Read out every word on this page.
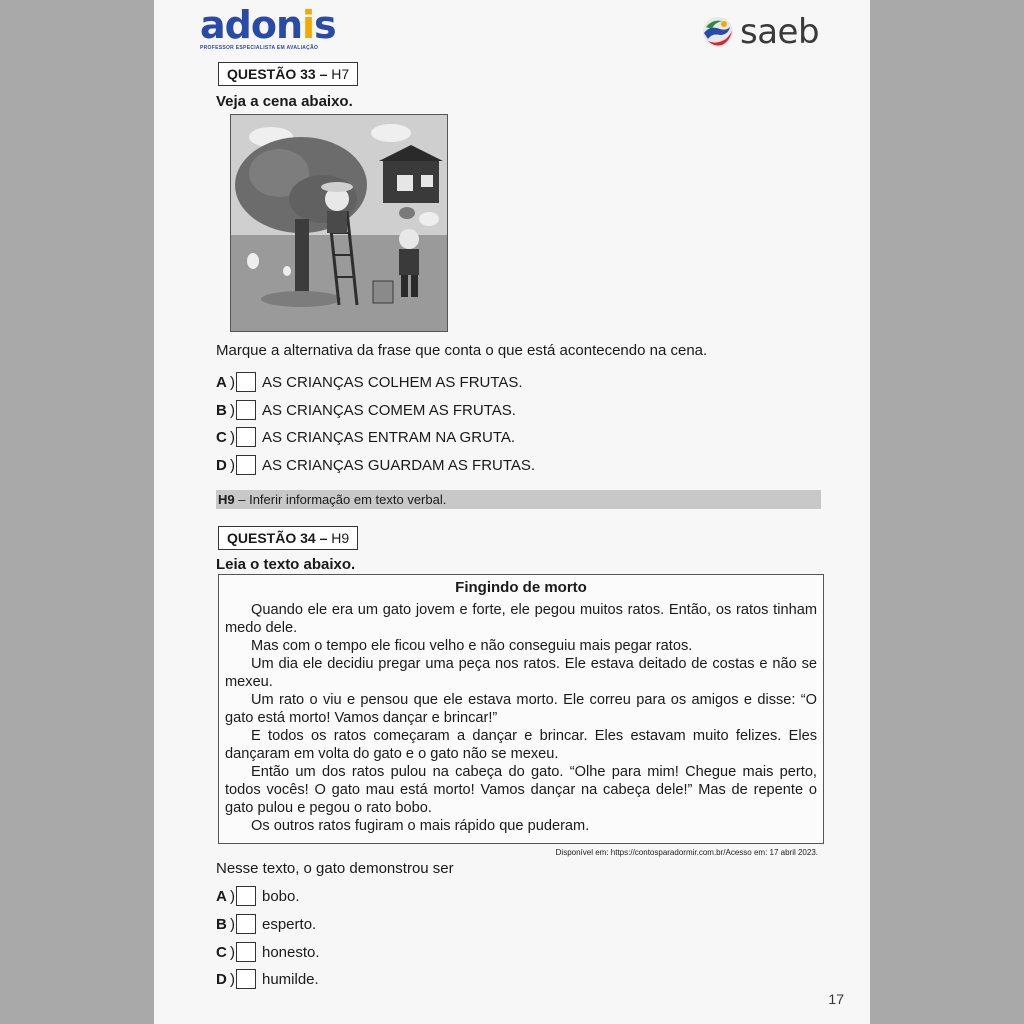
adonis
PROFESSOR ESPECIALISTA EM AVALIAÇÃO	saeb
QUESTÃO 33 – H7
Veja a cena abaixo.
Marque a alternativa da frase que conta o que está acontecendo na cena.
A ) AS CRIANÇAS COLHEM AS FRUTAS.
B ) AS CRIANÇAS COMEM AS FRUTAS.
C ) AS CRIANÇAS ENTRAM NA GRUTA.
D ) AS CRIANÇAS GUARDAM AS FRUTAS.
H9 – Inferir informação em texto verbal.
QUESTÃO 34 – H9
Leia o texto abaixo.
Fingindo de morto

Quando ele era um gato jovem e forte, ele pegou muitos ratos. Então, os ratos tinham medo dele.

Mas com o tempo ele ficou velho e não conseguiu mais pegar ratos.

Um dia ele decidiu pregar uma peça nos ratos. Ele estava deitado de costas e não se mexeu.

Um rato o viu e pensou que ele estava morto. Ele correu para os amigos e disse: “O gato está morto! Vamos dançar e brincar!”

E todos os ratos começaram a dançar e brincar. Eles estavam muito felizes. Eles dançaram em volta do gato e o gato não se mexeu.

Então um dos ratos pulou na cabeça do gato. “Olhe para mim! Chegue mais perto, todos vocês! O gato mau está morto! Vamos dançar na cabeça dele!” Mas de repente o gato pulou e pegou o rato bobo.

Os outros ratos fugiram o mais rápido que puderam.

Disponível em: https://contosparadormir.com.br/Acesso em: 17 abril 2023.
Nesse texto, o gato demonstrou ser
A ) bobo.
B ) esperto.
C ) honesto.
D ) humilde.
17
